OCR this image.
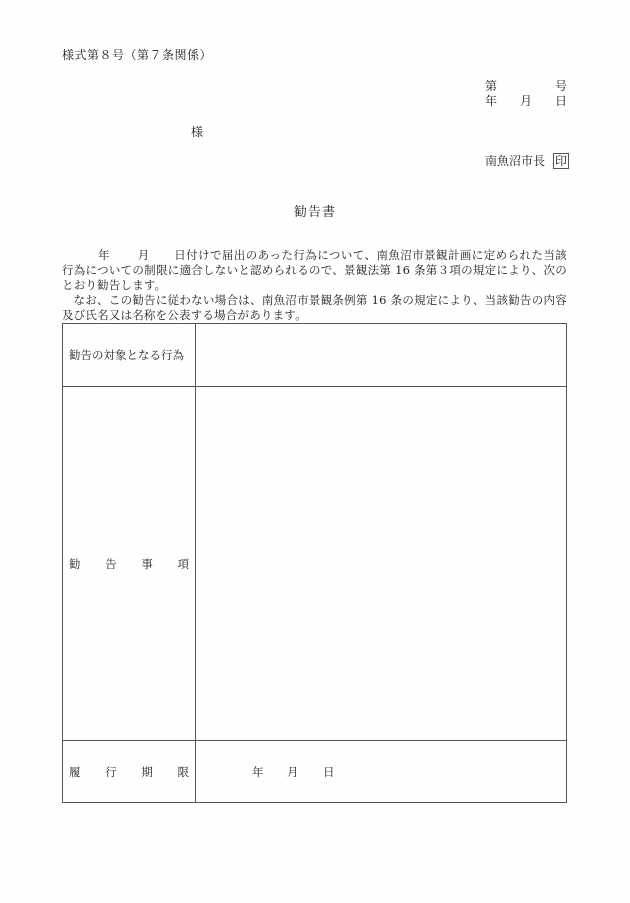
様式第８号（第７条関係）
第	号
年 月 日
様
南魚沼市長 印
勧告書

年 月 日付けで届出のあった行為について、南魚沼市景観計画に定められた当該行為についての制限に適合しないと認められるので、景観法第 16 条第３項の規定により、次のとおり勧告します。

なお、この勧告に従わない場合は、南魚沼市景観条例第 16 条の規定により、当該勧告の内容及び氏名又は名称を公表する場合があります。

勧告の対象となる行為	

勧 告 事 項	

履 行 期 限	年 月 日
